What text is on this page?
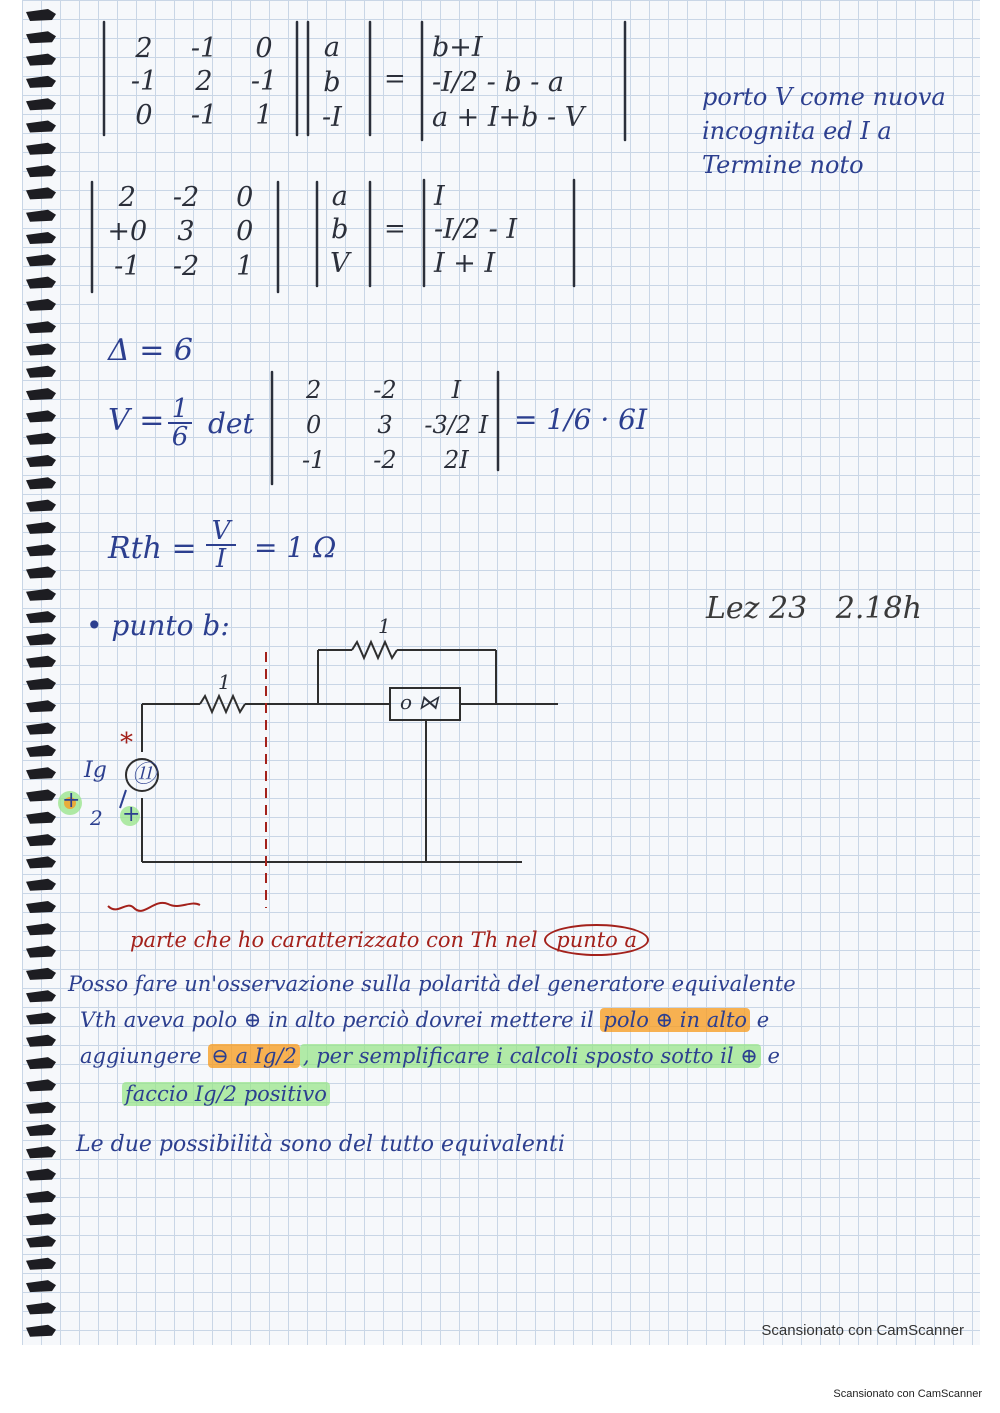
2 -1 0
-1 2 -1
0 -1 1
a
b
-I
=
b+I
-I/2 - b - a
a + I+b - V
porto V come nuova
incognita ed I a
Termine noto
2 -2 0
+0 3 0
-1 -2 1
a
b
V
=
I
-I/2 - I
I + I
Δ = 6
$V = \frac{1}{6}$ det
2 -2 I
0 3 -3/2 I
-1 -2 2I
= 1/6 · 6I
Rth = $\frac{V}{I} = 1$ Ω
• punto b:	Lez 23   2.18h
1
1
o ⋈
⑪
Ig
2
+
+
*
parte che ho caratterizzato con Th nel punto a
Posso fare un'osservazione sulla polarità del generatore equivalente
Vth aveva polo ⊕ in alto perciò dovrei mettere il polo ⊕ in alto e
aggiungere ⊖ a Ig/2 , per semplificare i calcoli sposto sotto il ⊕ e
faccio Ig/2 positivo
Le due possibilità sono del tutto equivalenti
Scansionato con CamScanner
Scansionato con CamScanner
